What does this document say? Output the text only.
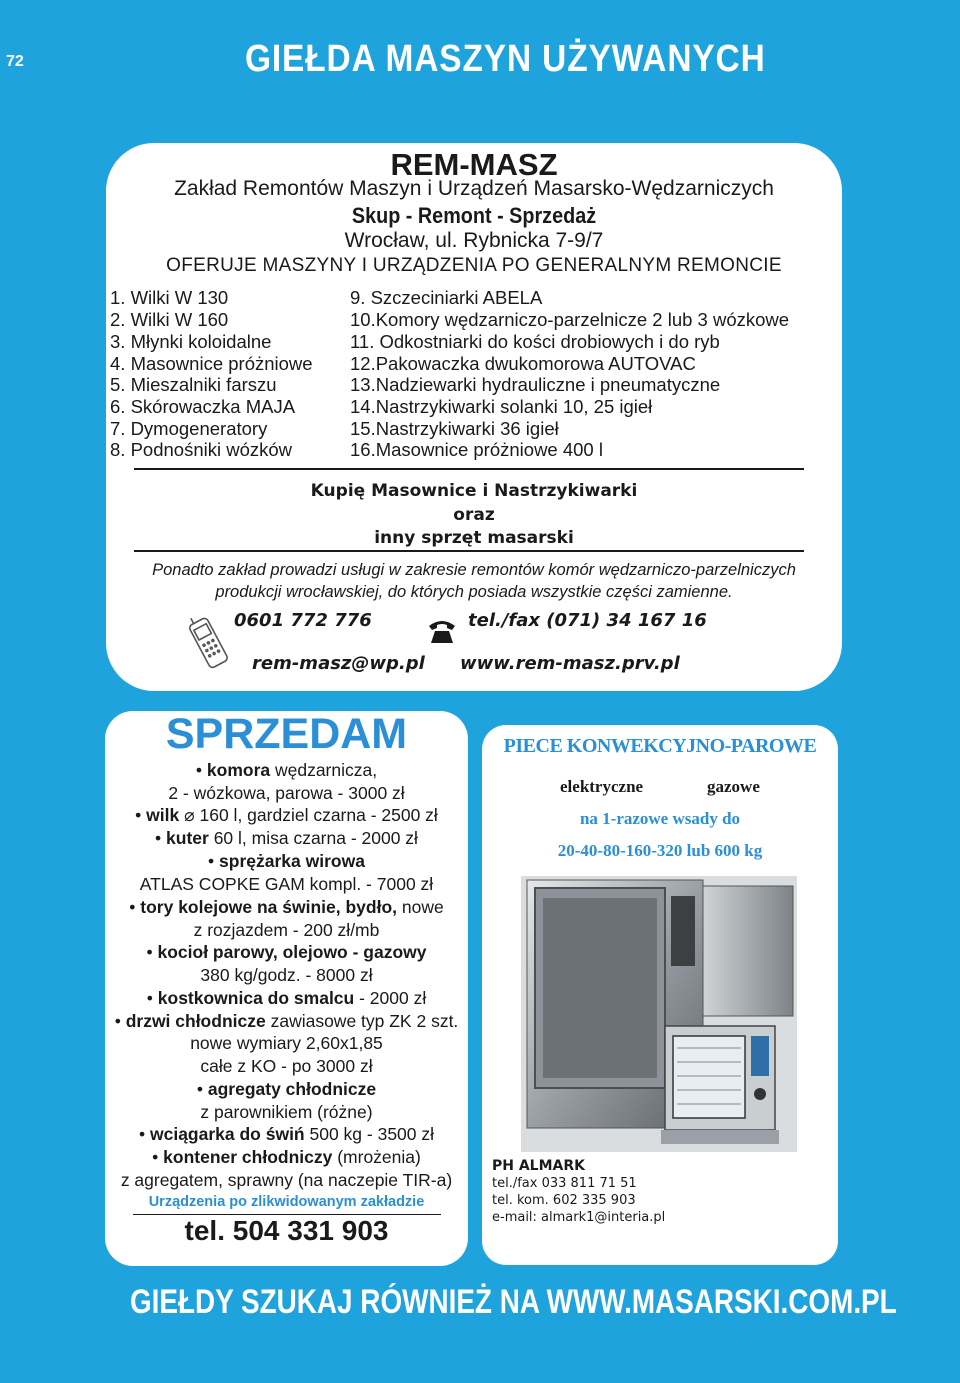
72	GIEŁDA MASZYN UŻYWANYCH
REM-MASZ
Zakład Remontów Maszyn i Urządzeń Masarsko-Wędzarniczych
Skup - Remont - Sprzedaż
Wrocław, ul. Rybnicka 7-9/7
OFERUJE MASZYNY I URZĄDZENIA PO GENERALNYM REMONCIE
1. Wilki W 130
2. Wilki W 160
3. Młynki koloidalne
4. Masownice próżniowe
5. Mieszalniki farszu
6. Skórowaczka MAJA
7. Dymogeneratory
8. Podnośniki wózków
9. Szczeciniarki ABELA
10.Komory wędzarniczo-parzelnicze 2 lub 3 wózkowe
11. Odkostniarki do kości drobiowych i do ryb
12.Pakowaczka dwukomorowa AUTOVAC
13.Nadziewarki hydrauliczne i pneumatyczne
14.Nastrzykiwarki solanki 10, 25 igieł
15.Nastrzykiwarki 36 igieł
16.Masownice próżniowe 400 l
Kupię Masownice i Nastrzykiwarki
oraz
inny sprzęt masarski
Ponadto zakład prowadzi usługi w zakresie remontów komór wędzarniczo-parzelniczych
produkcji wrocławskiej, do których posiada wszystkie części zamienne.
0601 772 776	tel./fax (071) 34 167 16
rem-masz@wp.pl www.rem-masz.prv.pl
SPRZEDAM
• komora wędzarnicza,
2 - wózkowa, parowa - 3000 zł
• wilk ⌀ 160 l, gardziel czarna - 2500 zł
• kuter 60 l, misa czarna - 2000 zł
• sprężarka wirowa
ATLAS COPKE GAM kompl. - 7000 zł
• tory kolejowe na świnie, bydło, nowe
z rozjazdem - 200 zł/mb
• kocioł parowy, olejowo - gazowy
380 kg/godz. - 8000 zł
• kostkownica do smalcu - 2000 zł
• drzwi chłodnicze zawiasowe typ ZK 2 szt.
nowe wymiary 2,60x1,85
całe z KO - po 3000 zł
• agregaty chłodnicze
z parownikiem (różne)
• wciągarka do świń 500 kg - 3500 zł
• kontener chłodniczy (mrożenia)
z agregatem, sprawny (na naczepie TIR-a)
Urządzenia po zlikwidowanym zakładzie
tel. 504 331 903
PIECE KONWEKCYJNO-PAROWE
elektryczne	gazowe
na 1-razowe wsady do
20-40-80-160-320 lub 600 kg
PH ALMARK
tel./fax 033 811 71 51
tel. kom. 602 335 903
e-mail: almark1@interia.pl
GIEŁDY SZUKAJ RÓWNIEŻ NA WWW.MASARSKI.COM.PL
